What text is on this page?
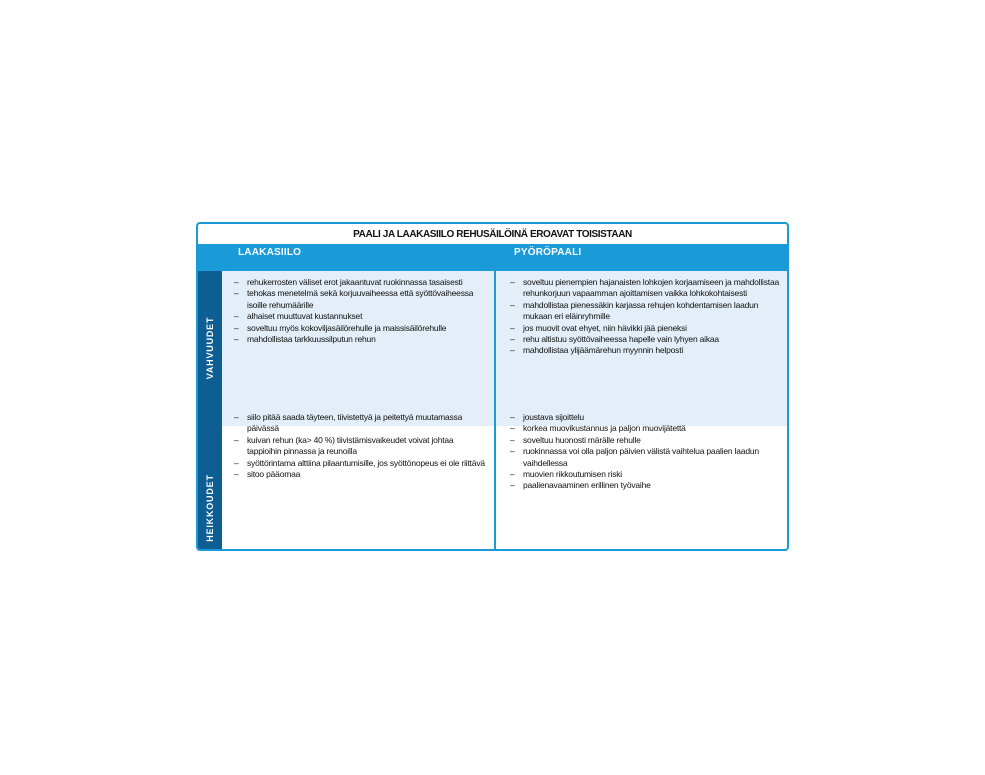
PAALI JA LAAKASIILO REHUSÄILÖINÄ EROAVAT TOISISTAAN
LAAKASIILO	PYÖRÖPAALI
VAHVUUDET
HEIKKOUDET
– rehukerrosten väliset erot jakaantuvat ruokinnassa tasaisesti
– tehokas menetelmä sekä korjuuvaiheessa että syöttövaiheessa isoille rehumäärille
– alhaiset muuttuvat kustannukset
– soveltuu myös kokoviljasäilörehulle ja maissisäilörehulle
– mahdollistaa tarkkuussilputun rehun
– soveltuu pienempien hajanaisten lohkojen korjaamiseen ja mahdollistaa rehunkorjuun vapaamman ajoittamisen vaikka lohkokohtaisesti
– mahdollistaa pienessäkin karjassa rehujen kohdentamisen laadun mukaan eri eläinryhmille
– jos muovit ovat ehyet, niin hävikki jää pieneksi
– rehu altistuu syöttövaiheessa hapelle vain lyhyen aikaa
– mahdollistaa ylijäämärehun myynnin helposti
– siilo pitää saada täyteen, tiivistettyä ja peitettyä muutamassa päivässä
– kuivan rehun (ka> 40 %) tiivistämisvaikeudet voivat johtaa tappioihin pinnassa ja reunoilla
– syöttörintama alttiina pilaantumisille, jos syöttönopeus ei ole riittävä
– sitoo pääomaa
– joustava sijoittelu
– korkea muovikustannus ja paljon muovijätettä
– soveltuu huonosti märälle rehulle
– ruokinnassa voi olla paljon päivien välistä vaihtelua paalien laadun vaihdellessa
– muovien rikkoutumisen riski
– paalienavaaminen erillinen työvaihe
